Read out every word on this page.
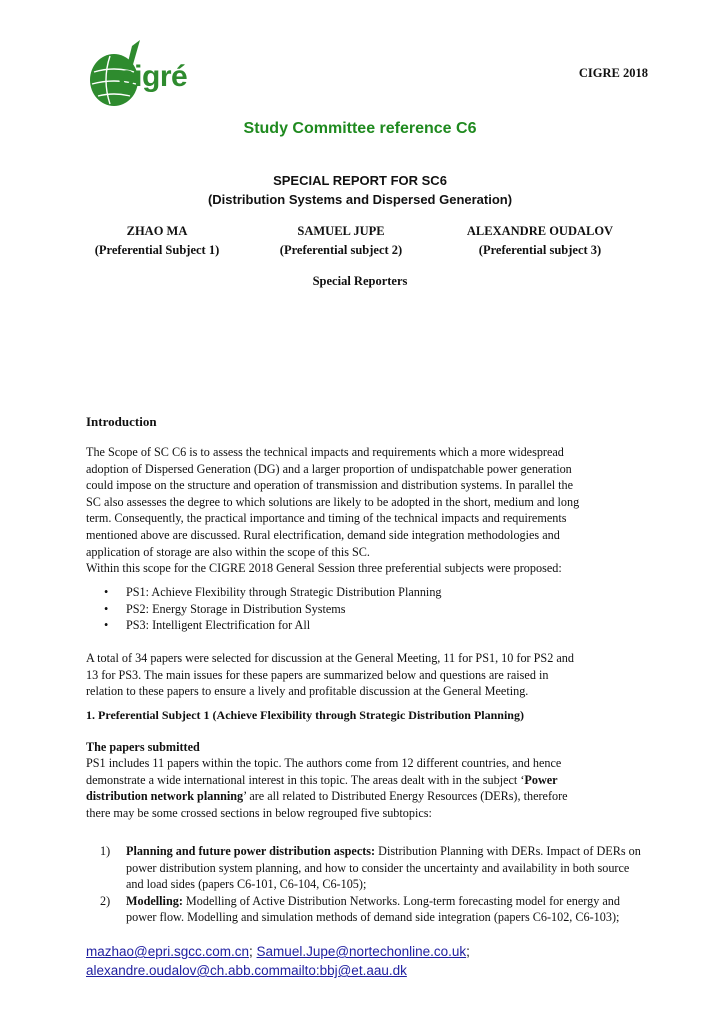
cigré	CIGRE 2018
Study Committee reference C6
SPECIAL REPORT FOR SC6
(Distribution Systems and Dispersed Generation)
ZHAO MA
(Preferential Subject 1)
SAMUEL JUPE
(Preferential subject 2)
ALEXANDRE OUDALOV
(Preferential subject 3)
Special Reporters
Introduction
The Scope of SC C6 is to assess the technical impacts and requirements which a more widespread
adoption of Dispersed Generation (DG) and a larger proportion of undispatchable power generation
could impose on the structure and operation of transmission and distribution systems. In parallel the
SC also assesses the degree to which solutions are likely to be adopted in the short, medium and long
term. Consequently, the practical importance and timing of the technical impacts and requirements
mentioned above are discussed. Rural electrification, demand side integration methodologies and
application of storage are also within the scope of this SC.
Within this scope for the CIGRE 2018 General Session three preferential subjects were proposed:
• PS1: Achieve Flexibility through Strategic Distribution Planning
• PS2: Energy Storage in Distribution Systems
• PS3: Intelligent Electrification for All
A total of 34 papers were selected for discussion at the General Meeting, 11 for PS1, 10 for PS2 and
13 for PS3. The main issues for these papers are summarized below and questions are raised in
relation to these papers to ensure a lively and profitable discussion at the General Meeting.
1. Preferential Subject 1 (Achieve Flexibility through Strategic Distribution Planning)
The papers submitted
PS1 includes 11 papers within the topic. The authors come from 12 different countries, and hence
demonstrate a wide international interest in this topic. The areas dealt with in the subject ‘Power
distribution network planning’ are all related to Distributed Energy Resources (DERs), therefore
there may be some crossed sections in below regrouped five subtopics:
1) Planning and future power distribution aspects: Distribution Planning with DERs. Impact of DERs on power distribution system planning, and how to consider the uncertainty and availability in both source and load sides (papers C6-101, C6-104, C6-105);
2) Modelling: Modelling of Active Distribution Networks. Long-term forecasting model for energy and power flow. Modelling and simulation methods of demand side integration (papers C6-102, C6-103);
mazhao@epri.sgcc.com.cn; Samuel.Jupe@nortechonline.co.uk;
alexandre.oudalov@ch.abb.commailto:bbj@et.aau.dk
